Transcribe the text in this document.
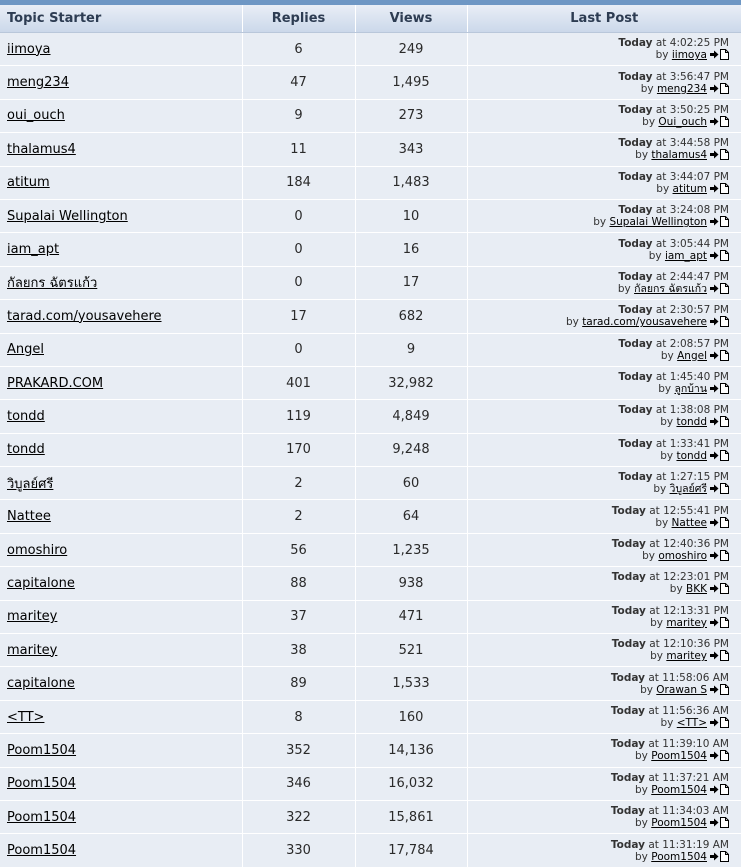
Topic Starter	Replies	Views	Last Post
iimoya	6	249	Today at 4:02:25 PM
by iimoya

meng234	47	1,495	Today at 3:56:47 PM
by meng234

oui_ouch	9	273	Today at 3:50:25 PM
by Oui_ouch

thalamus4	11	343	Today at 3:44:58 PM
by thalamus4

atitum	184	1,483	Today at 3:44:07 PM
by atitum

Supalai Wellington	0	10	Today at 3:24:08 PM
by Supalai Wellington

iam_apt	0	16	Today at 3:05:44 PM
by iam_apt

กัลยกร ฉัตรแก้ว	0	17	Today at 2:44:47 PM
by กัลยกร ฉัตรแก้ว

tarad.com/yousavehere	17	682	Today at 2:30:57 PM
by tarad.com/yousavehere

Angel	0	9	Today at 2:08:57 PM
by Angel

PRAKARD.COM	401	32,982	Today at 1:45:40 PM
by ลูกบ้าน

tondd	119	4,849	Today at 1:38:08 PM
by tondd

tondd	170	9,248	Today at 1:33:41 PM
by tondd

วิบูลย์ศรี	2	60	Today at 1:27:15 PM
by วิบูลย์ศรี

Nattee	2	64	Today at 12:55:41 PM
by Nattee

omoshiro	56	1,235	Today at 12:40:36 PM
by omoshiro

capitalone	88	938	Today at 12:23:01 PM
by BKK

maritey	37	471	Today at 12:13:31 PM
by maritey

maritey	38	521	Today at 12:10:36 PM
by maritey

capitalone	89	1,533	Today at 11:58:06 AM
by Orawan S

<TT>	8	160	Today at 11:56:36 AM
by <TT>

Poom1504	352	14,136	Today at 11:39:10 AM
by Poom1504

Poom1504	346	16,032	Today at 11:37:21 AM
by Poom1504

Poom1504	322	15,861	Today at 11:34:03 AM
by Poom1504

Poom1504	330	17,784	Today at 11:31:19 AM
by Poom1504
